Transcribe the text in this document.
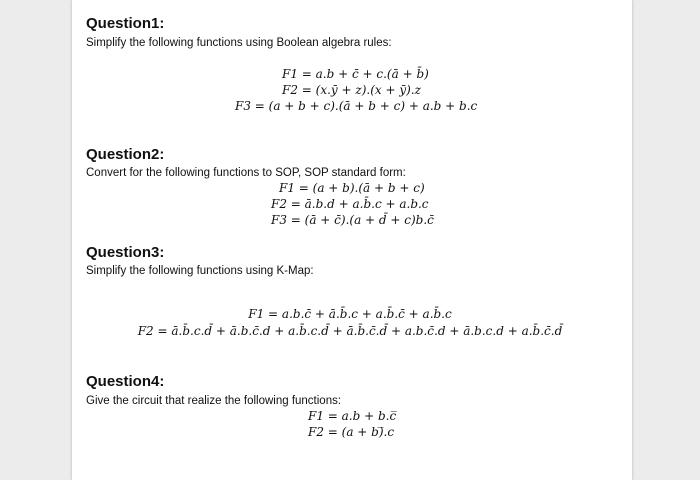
Question1:
Simplify the following functions using Boolean algebra rules:
F1 = a.b + c̄ + c.(ā + b̄)
F2 = (x.ȳ + z).(x + ȳ).z
F3 = (a + b + c).(ā + b + c) + a.b + b.c
Question2:
Convert for the following functions to SOP, SOP standard form:
F1 = (a + b).(ā + b + c)
F2 = ā.b.d + a.b̄.c + a.b.c
F3 = (ā + c̄).(a + d̄ + c)b.c̄
Question3:
Simplify the following functions using K-Map:
F1 = a.b.c̄ + ā.b̄.c + a.b̄.c̄ + a.b̄.c
F2 = ā.b̄.c.d̄ + ā.b.c̄.d + a.b̄.c.d̄ + ā.b̄.c̄.d̄ + a.b.c̄.d + ā.b.c.d + a.b̄.c̄.d̄
Question4:
Give the circuit that realize the following functions:
F1 = a.b + b.c̅
F2 = (a + b)̅.c
